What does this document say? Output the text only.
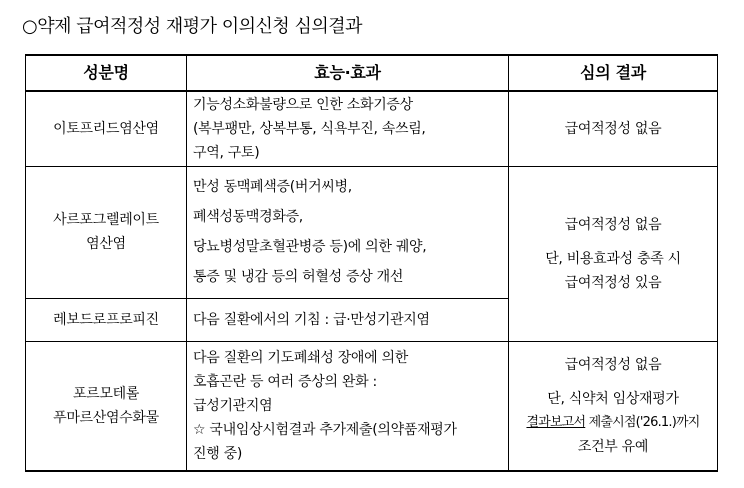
○약제 급여적정성 재평가 이의신청 심의결과
성분명	효능·효과	심의 결과

이토프리드염산염	기능성소화불량으로 인한 소화기증상
(복부팽만, 상복부통, 식욕부진, 속쓰림,
구역, 구토)	급여적정성 없음

사르포그렐레이트
염산염	만성 동맥폐색증(버거씨병,
폐색성동맥경화증,
당뇨병성말초혈관병증 등)에 의한 궤양,
통증 및 냉감 등의 허혈성 증상 개선	급여적정성 없음
단, 비용효과성 충족 시
급여적정성 있음

레보드로프로피진	다음 질환에서의 기침 : 급·만성기관지염	

포르모테롤
푸마르산염수화물	다음 질환의 기도폐쇄성 장애에 의한
호흡곤란 등 여러 증상의 완화 :
급성기관지염
☆ 국내임상시험결과 추가제출(의약품재평가
진행 중)	급여적정성 없음
단, 식약처 임상재평가
결과보고서 제출시점('26.1.)까지
조건부 유예
